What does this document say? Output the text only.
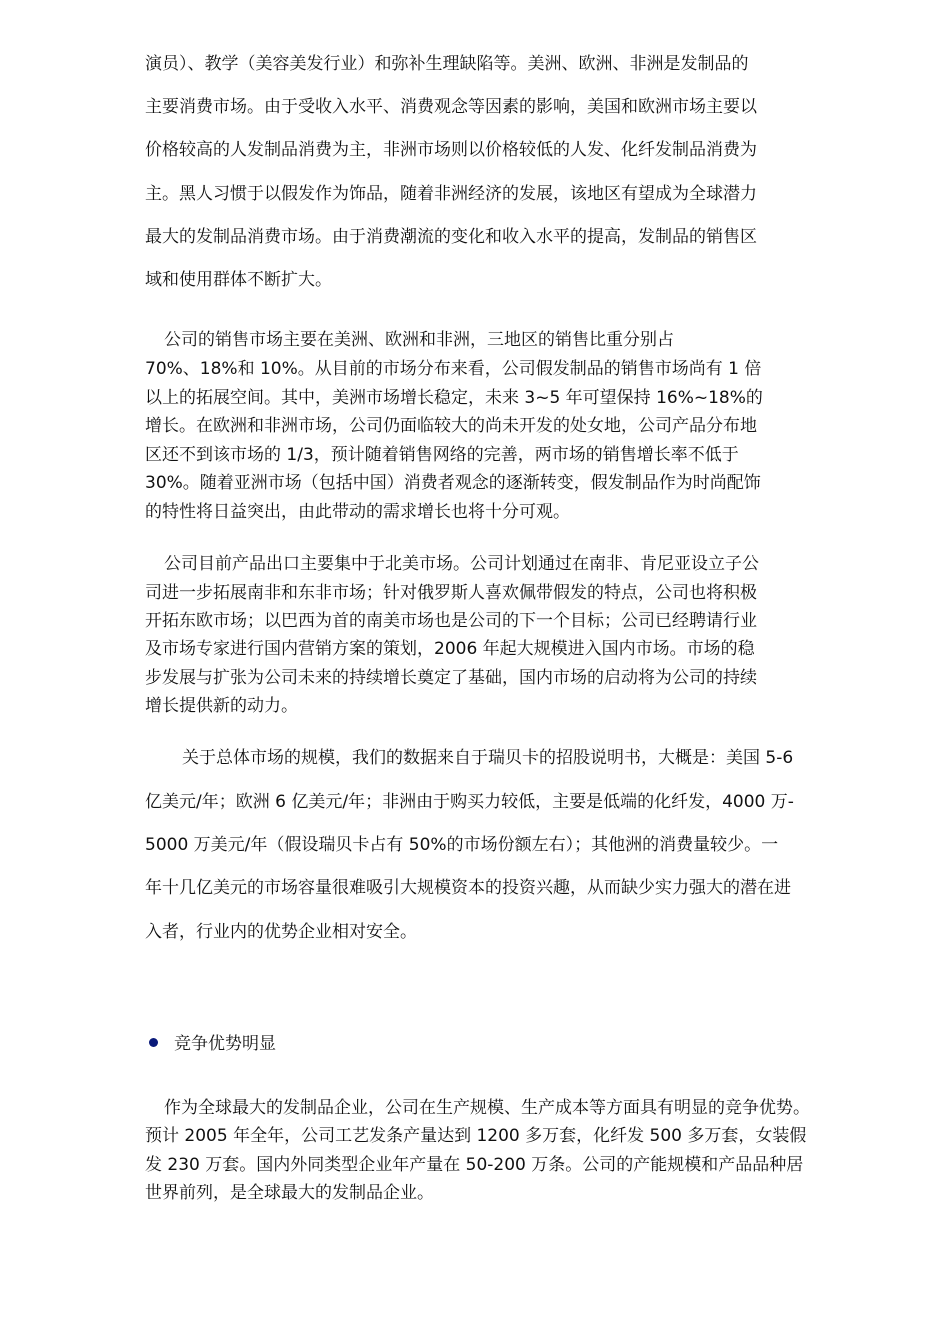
演员）、教学（美容美发行业）和弥补生理缺陷等。美洲、欧洲、非洲是发制品的
主要消费市场。由于受收入水平、消费观念等因素的影响，美国和欧洲市场主要以
价格较高的人发制品消费为主，非洲市场则以价格较低的人发、化纤发制品消费为
主。黑人习惯于以假发作为饰品，随着非洲经济的发展，该地区有望成为全球潜力
最大的发制品消费市场。由于消费潮流的变化和收入水平的提高，发制品的销售区
域和使用群体不断扩大。
公司的销售市场主要在美洲、欧洲和非洲，三地区的销售比重分别占
70%、18%和 10%。从目前的市场分布来看，公司假发制品的销售市场尚有 1 倍
以上的拓展空间。其中，美洲市场增长稳定，未来 3~5 年可望保持 16%~18%的
增长。在欧洲和非洲市场，公司仍面临较大的尚未开发的处女地，公司产品分布地
区还不到该市场的 1/3，预计随着销售网络的完善，两市场的销售增长率不低于
30%。随着亚洲市场（包括中国）消费者观念的逐渐转变，假发制品作为时尚配饰
的特性将日益突出，由此带动的需求增长也将十分可观。
公司目前产品出口主要集中于北美市场。公司计划通过在南非、肯尼亚设立子公
司进一步拓展南非和东非市场；针对俄罗斯人喜欢佩带假发的特点，公司也将积极
开拓东欧市场；以巴西为首的南美市场也是公司的下一个目标；公司已经聘请行业
及市场专家进行国内营销方案的策划，2006 年起大规模进入国内市场。市场的稳
步发展与扩张为公司未来的持续增长奠定了基础，国内市场的启动将为公司的持续
增长提供新的动力。
关于总体市场的规模，我们的数据来自于瑞贝卡的招股说明书，大概是：美国 5-6
亿美元/年；欧洲 6 亿美元/年；非洲由于购买力较低，主要是低端的化纤发，4000 万-
5000 万美元/年（假设瑞贝卡占有 50%的市场份额左右）；其他洲的消费量较少。一
年十几亿美元的市场容量很难吸引大规模资本的投资兴趣，从而缺少实力强大的潜在进
入者，行业内的优势企业相对安全。
竞争优势明显
作为全球最大的发制品企业，公司在生产规模、生产成本等方面具有明显的竞争优势。
预计 2005 年全年，公司工艺发条产量达到 1200 多万套，化纤发 500 多万套，女装假
发 230 万套。国内外同类型企业年产量在 50-200 万条。公司的产能规模和产品品种居
世界前列，是全球最大的发制品企业。
